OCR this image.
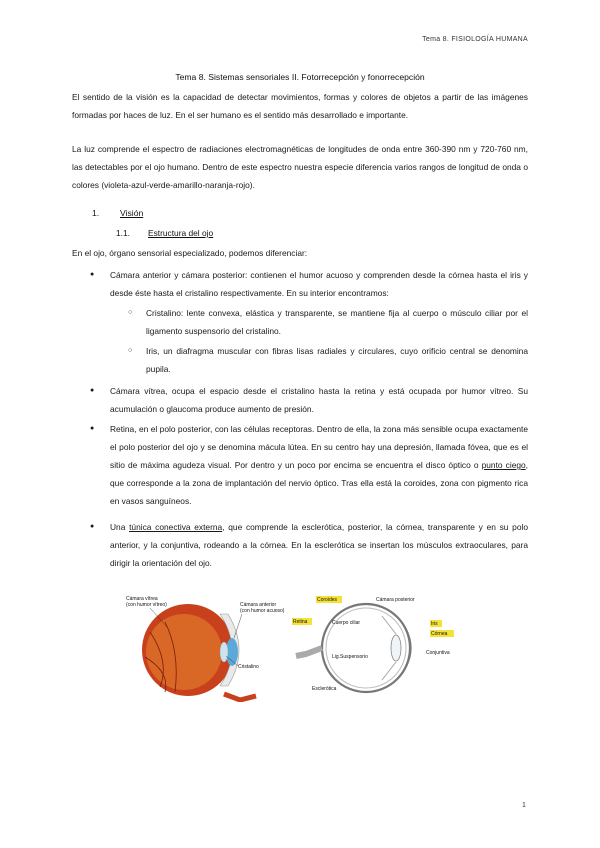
Tema 8. FISIOLOGÍA HUMANA
Tema 8. Sistemas sensoriales II. Fotorrecepción y fonorrecepción
El sentido de la visión es la capacidad de detectar movimientos, formas y colores de objetos a partir de las imágenes formadas por haces de luz. En el ser humano es el sentido más desarrollado e importante.
La luz comprende el espectro de radiaciones electromagnéticas de longitudes de onda entre 360-390 nm y 720-760 nm, las detectables por el ojo humano. Dentro de este espectro nuestra especie diferencia varios rangos de longitud de onda o colores (violeta-azul-verde-amarillo-naranja-rojo).
1. Visión
1.1. Estructura del ojo
En el ojo, órgano sensorial especializado, podemos diferenciar:
● Cámara anterior y cámara posterior: contienen el humor acuoso y comprenden desde la córnea hasta el iris y desde éste hasta el cristalino respectivamente. En su interior encontramos:
○ Cristalino: lente convexa, elástica y transparente, se mantiene fija al cuerpo o músculo ciliar por el ligamento suspensorio del cristalino.
○ Iris, un diafragma muscular con fibras lisas radiales y circulares, cuyo orificio central se denomina pupila.
● Cámara vítrea, ocupa el espacio desde el cristalino hasta la retina y está ocupada por humor vítreo. Su acumulación o glaucoma produce aumento de presión.
● Retina, en el polo posterior, con las células receptoras. Dentro de ella, la zona más sensible ocupa exactamente el polo posterior del ojo y se denomina mácula lútea. En su centro hay una depresión, llamada fóvea, que es el sitio de máxima agudeza visual. Por dentro y un poco por encima se encuentra el disco óptico o punto ciego, que corresponde a la zona de implantación del nervio óptico. Tras ella está la coroides, zona con pigmento rica en vasos sanguíneos.
● Una túnica conectiva externa, que comprende la esclerótica, posterior, la córnea, transparente y en su polo anterior, y la conjuntiva, rodeando a la córnea. En la esclerótica se insertan los músculos extraoculares, para dirigir la orientación del ojo.
Cámara vítrea
(con humor vítreo)	Cámara anterior
(con humor acuoso)
Cristalino
Coroides	Cámara posterior
Retina	Cuerpo ciliar	Iris
Córnea
Lig.Suspensorio
Conjuntiva
Esclerótica
1
